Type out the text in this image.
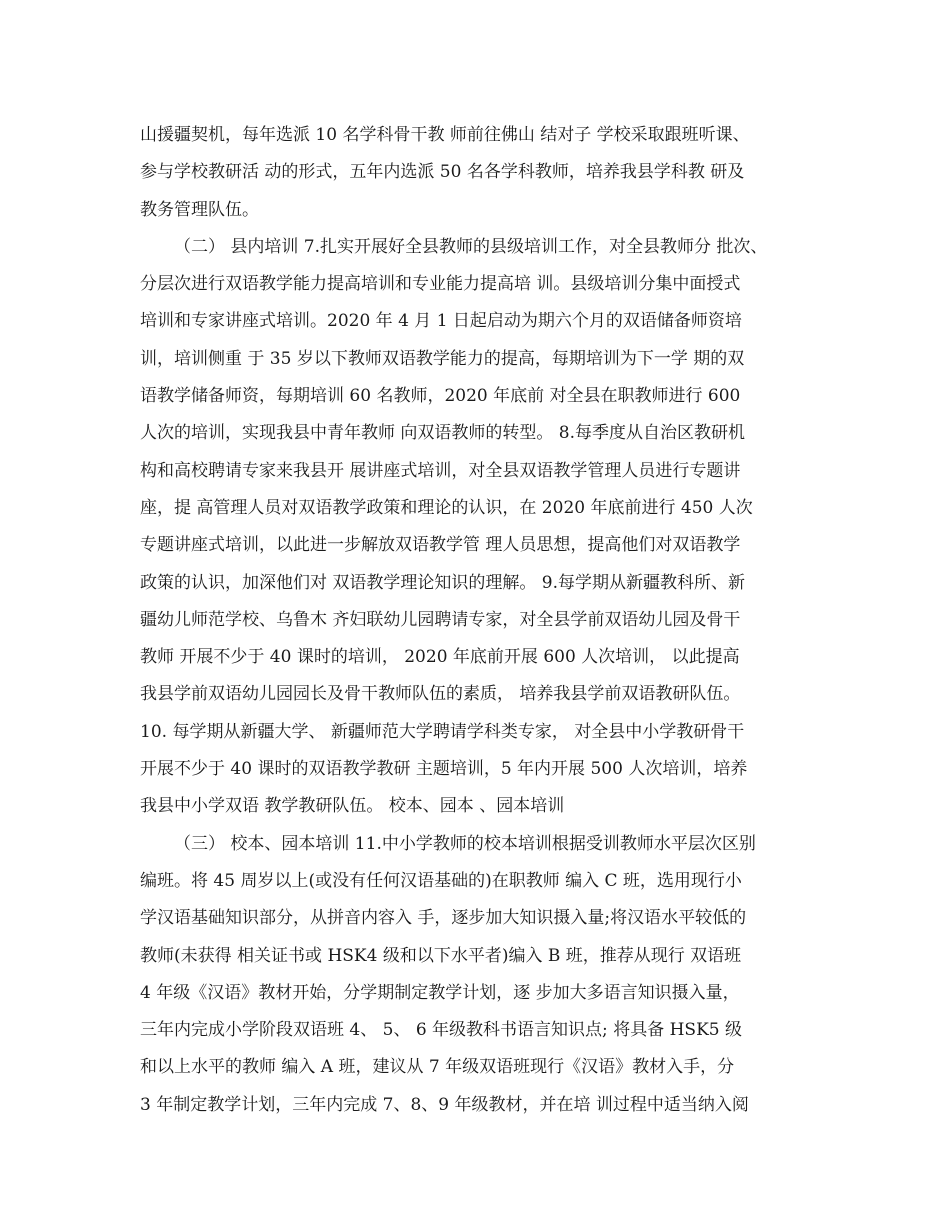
山援疆契机，每年选派 10 名学科骨干教 师前往佛山 结对子 学校采取跟班听课、
参与学校教研活 动的形式，五年内选派 50 名各学科教师，培养我县学科教 研及
教务管理队伍。
（二） 县内培训 7.扎实开展好全县教师的县级培训工作，对全县教师分 批次、
分层次进行双语教学能力提高培训和专业能力提高培 训。县级培训分集中面授式
培训和专家讲座式培训。2020 年 4 月 1 日起启动为期六个月的双语储备师资培
训，培训侧重 于 35 岁以下教师双语教学能力的提高，每期培训为下一学 期的双
语教学储备师资，每期培训 60 名教师，2020 年底前 对全县在职教师进行 600
人次的培训，实现我县中青年教师 向双语教师的转型。 8.每季度从自治区教研机
构和高校聘请专家来我县开 展讲座式培训，对全县双语教学管理人员进行专题讲
座，提 高管理人员对双语教学政策和理论的认识，在 2020 年底前进行 450 人次
专题讲座式培训，以此进一步解放双语教学管 理人员思想，提高他们对双语教学
政策的认识，加深他们对 双语教学理论知识的理解。 9.每学期从新疆教科所、新
疆幼儿师范学校、乌鲁木 齐妇联幼儿园聘请专家，对全县学前双语幼儿园及骨干
教师 开展不少于 40 课时的培训， 2020 年底前开展 600 人次培训， 以此提高
我县学前双语幼儿园园长及骨干教师队伍的素质， 培养我县学前双语教研队伍。
10. 每学期从新疆大学、 新疆师范大学聘请学科类专家， 对全县中小学教研骨干
开展不少于 40 课时的双语教学教研 主题培训，5 年内开展 500 人次培训，培养
我县中小学双语 教学教研队伍。 校本、园本 、园本培训
（三） 校本、园本培训 11.中小学教师的校本培训根据受训教师水平层次区别
编班。将 45 周岁以上(或没有任何汉语基础的)在职教师 编入 C 班，选用现行小
学汉语基础知识部分，从拼音内容入 手，逐步加大知识摄入量;将汉语水平较低的
教师(未获得 相关证书或 HSK4 级和以下水平者)编入 B 班，推荐从现行 双语班
4 年级《汉语》教材开始，分学期制定教学计划，逐 步加大多语言知识摄入量，
三年内完成小学阶段双语班 4、 5、 6 年级教科书语言知识点; 将具备 HSK5 级
和以上水平的教师 编入 A 班，建议从 7 年级双语班现行《汉语》教材入手，分
3 年制定教学计划，三年内完成 7、8、9 年级教材，并在培 训过程中适当纳入阅
